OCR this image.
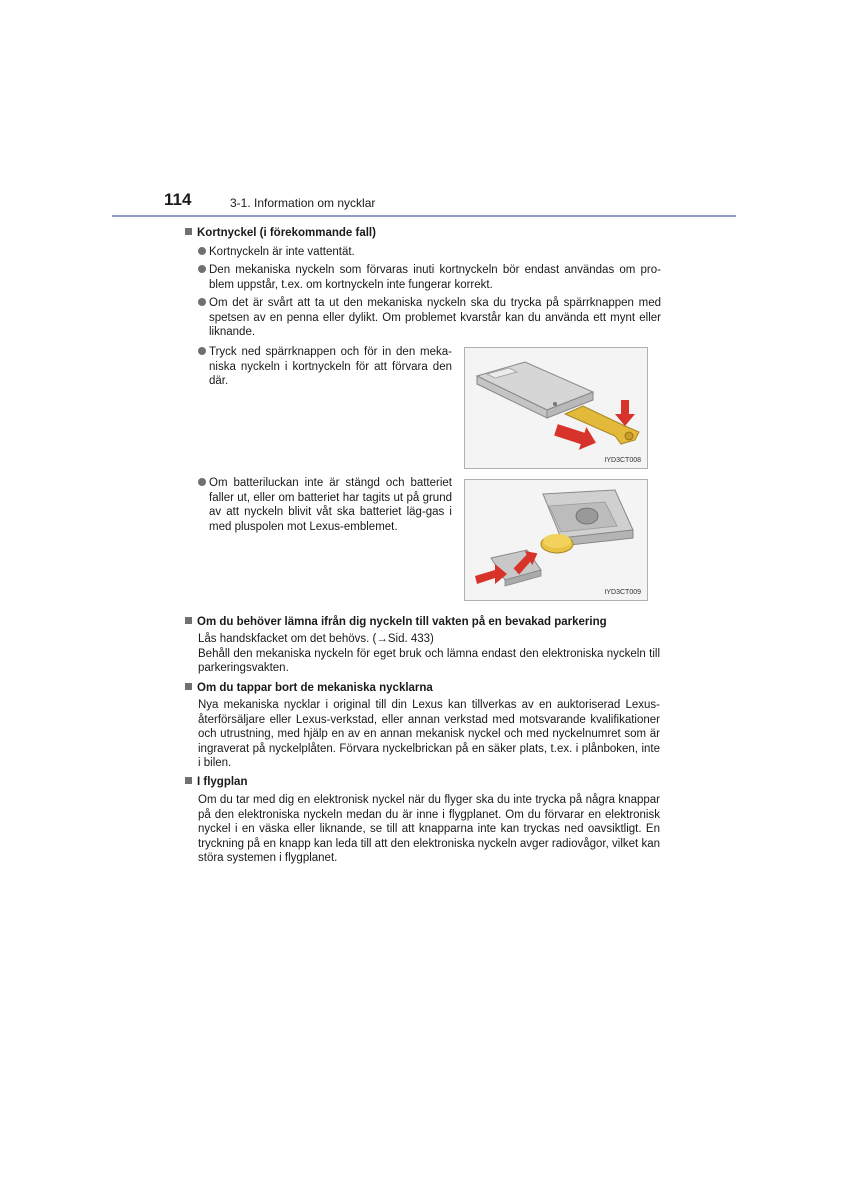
114	3-1. Information om nycklar
Kortnyckel (i förekommande fall)
Kortnyckeln är inte vattentät.
Den mekaniska nyckeln som förvaras inuti kortnyckeln bör endast användas om pro-blem uppstår, t.ex. om kortnyckeln inte fungerar korrekt.
Om det är svårt att ta ut den mekaniska nyckeln ska du trycka på spärrknappen med spetsen av en penna eller dylikt. Om problemet kvarstår kan du använda ett mynt eller liknande.
Tryck ned spärrknappen och för in den meka-niska nyckeln i kortnyckeln för att förvara den där.
Om batteriluckan inte är stängd och batteriet faller ut, eller om batteriet har tagits ut på grund av att nyckeln blivit våt ska batteriet läg-gas i med pluspolen mot Lexus-emblemet.
IYD3CT008
IYD3CT009
Om du behöver lämna ifrån dig nyckeln till vakten på en bevakad parkering
Lås handskfacket om det behövs. (→Sid. 433)
Behåll den mekaniska nyckeln för eget bruk och lämna endast den elektroniska nyckeln till parkeringsvakten.
Om du tappar bort de mekaniska nycklarna
Nya mekaniska nycklar i original till din Lexus kan tillverkas av en auktoriserad Lexus-återförsäljare eller Lexus-verkstad, eller annan verkstad med motsvarande kvalifikationer och utrustning, med hjälp en av en annan mekanisk nyckel och med nyckelnumret som är ingraverat på nyckelplåten. Förvara nyckelbrickan på en säker plats, t.ex. i plånboken, inte i bilen.
I flygplan
Om du tar med dig en elektronisk nyckel när du flyger ska du inte trycka på några knappar på den elektroniska nyckeln medan du är inne i flygplanet. Om du förvarar en elektronisk nyckel i en väska eller liknande, se till att knapparna inte kan tryckas ned oavsiktligt. En tryckning på en knapp kan leda till att den elektroniska nyckeln avger radiovågor, vilket kan störa systemen i flygplanet.
